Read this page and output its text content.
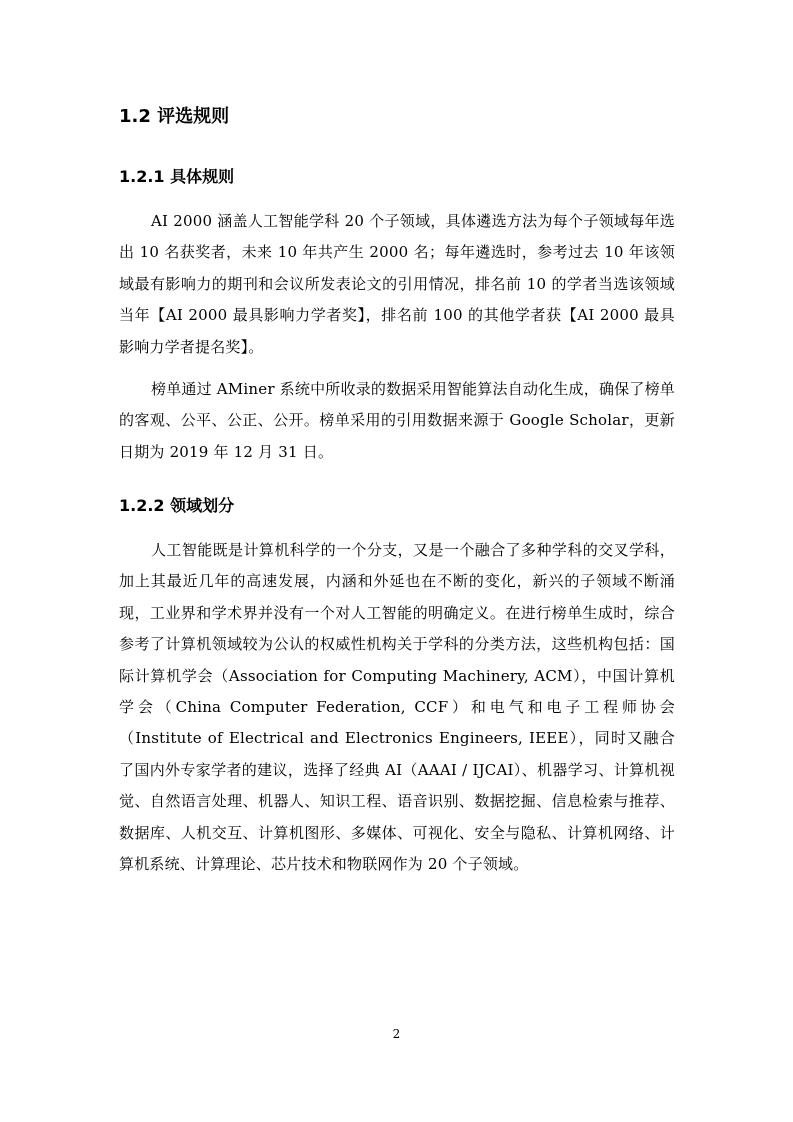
1.2 评选规则
1.2.1 具体规则

AI 2000 涵盖人工智能学科 20 个子领域，具体遴选方法为每个子领域每年选出 10 名获奖者，未来 10 年共产生 2000 名；每年遴选时，参考过去 10 年该领域最有影响力的期刊和会议所发表论文的引用情况，排名前 10 的学者当选该领域当年【AI 2000 最具影响力学者奖】，排名前 100 的其他学者获【AI 2000 最具影响力学者提名奖】。

榜单通过 AMiner 系统中所收录的数据采用智能算法自动化生成，确保了榜单的客观、公平、公正、公开。榜单采用的引用数据来源于 Google Scholar，更新日期为 2019 年 12 月 31 日。

1.2.2 领域划分

人工智能既是计算机科学的一个分支，又是一个融合了多种学科的交叉学科，加上其最近几年的高速发展，内涵和外延也在不断的变化，新兴的子领域不断涌现，工业界和学术界并没有一个对人工智能的明确定义。在进行榜单生成时，综合参考了计算机领域较为公认的权威性机构关于学科的分类方法，这些机构包括：国际计算机学会（Association for Computing Machinery, ACM），中国计算机学会（China Computer Federation, CCF）和电气和电子工程师协会（Institute of Electrical and Electronics Engineers, IEEE），同时又融合了国内外专家学者的建议，选择了经典 AI（AAAI / IJCAI）、机器学习、计算机视觉、自然语言处理、机器人、知识工程、语音识别、数据挖掘、信息检索与推荐、数据库、人机交互、计算机图形、多媒体、可视化、安全与隐私、计算机网络、计算机系统、计算理论、芯片技术和物联网作为 20 个子领域。

2
